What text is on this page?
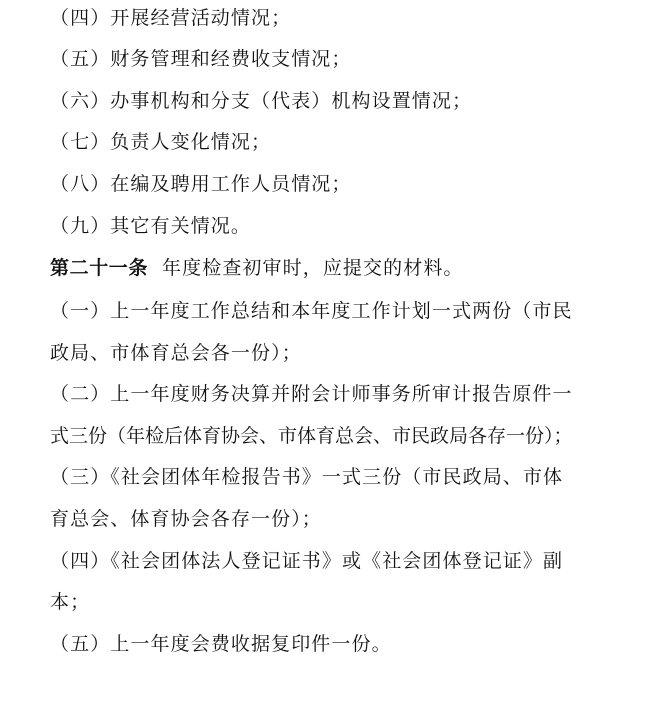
（四）开展经营活动情况；
（五）财务管理和经费收支情况；
（六）办事机构和分支（代表）机构设置情况；
（七）负责人变化情况；
（八）在编及聘用工作人员情况；
（九）其它有关情况。
第二十一条 年度检查初审时，应提交的材料。
（一）上一年度工作总结和本年度工作计划一式两份（市民
政局、市体育总会各一份）；
（二）上一年度财务决算并附会计师事务所审计报告原件一
式三份（年检后体育协会、市体育总会、市民政局各存一份）；
（三）《社会团体年检报告书》一式三份（市民政局、市体
育总会、体育协会各存一份）；
（四）《社会团体法人登记证书》或《社会团体登记证》副
本；
（五）上一年度会费收据复印件一份。
